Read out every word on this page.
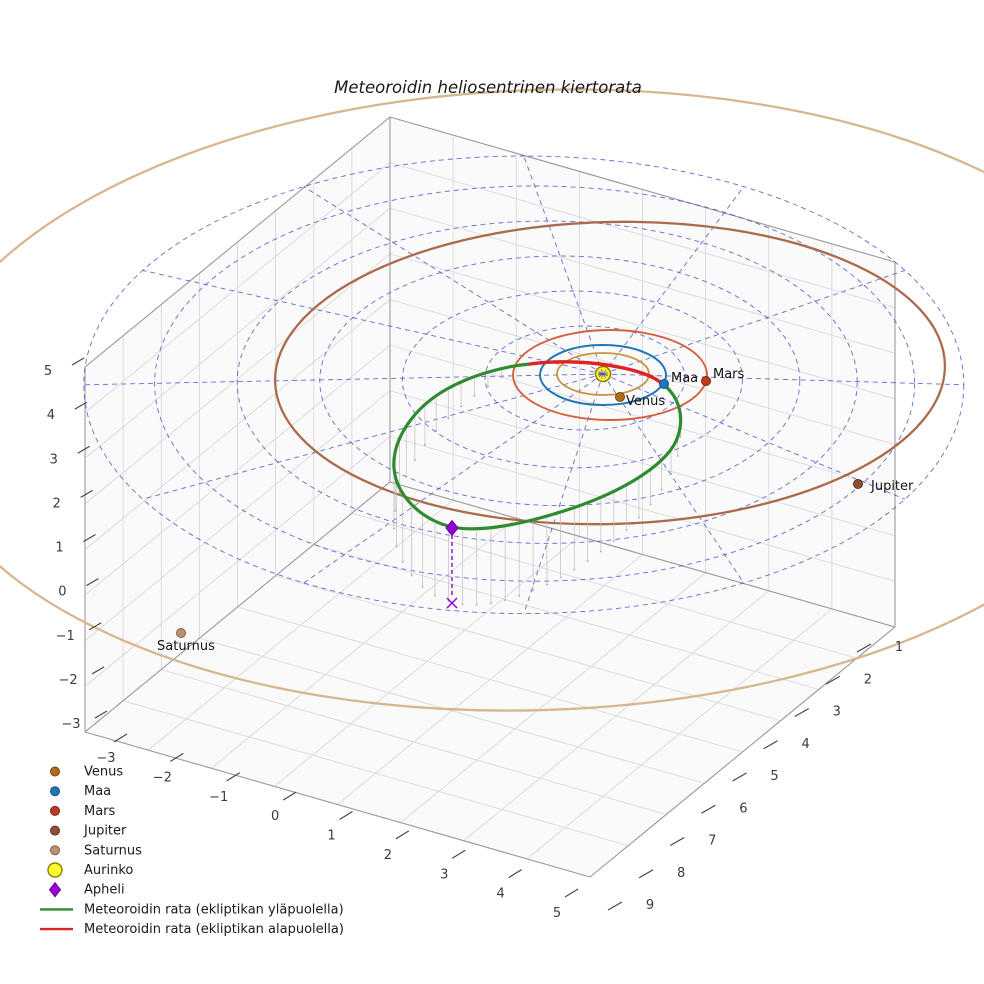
Venus
Maa Mars
Jupiter
Saturnus
−3
−2
−1
0
1
2
3
4
5
1
2
3
4
5
6
7
8
9
5
4
3
2
1
0
−1
−2
−3
Venus
Maa
Mars
Jupiter
Saturnus
Aurinko
Apheli
Meteoroidin rata (ekliptikan yläpuolella)
Meteoroidin rata (ekliptikan alapuolella)
Meteoroidin heliosentrinen kiertorata
